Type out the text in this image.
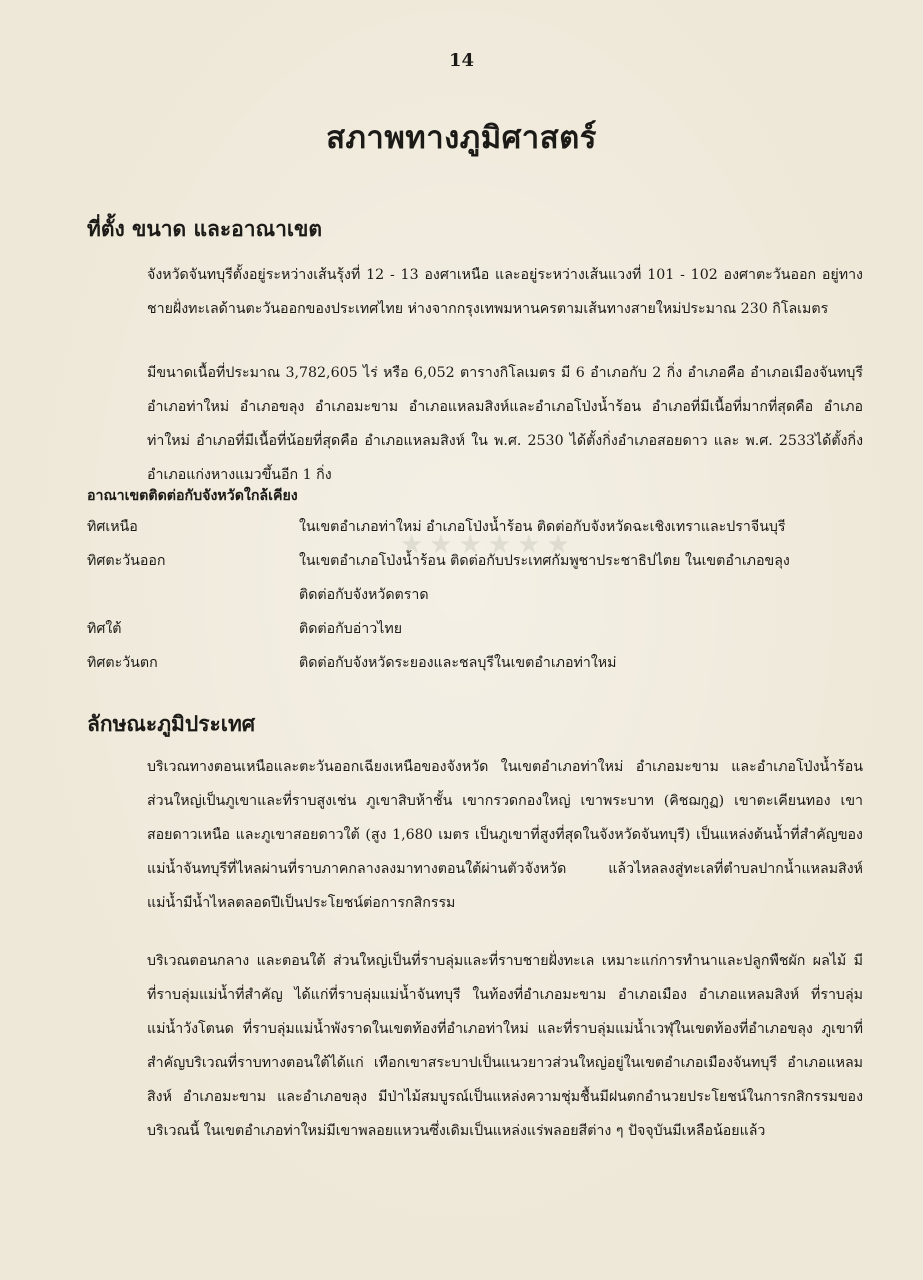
14
สภาพทางภูมิศาสตร์
ที่ตั้ง ขนาด และอาณาเขต
จังหวัดจันทบุรีตั้งอยู่ระหว่างเส้นรุ้งที่ 12 - 13 องศาเหนือ และอยู่ระหว่างเส้นแวงที่ 101 - 102 องศาตะวันออก อยู่ทางชายฝั่งทะเลด้านตะวันออกของประเทศไทย ห่างจากกรุงเทพมหานครตามเส้นทางสายใหม่ประมาณ 230 กิโลเมตร
มีขนาดเนื้อที่ประมาณ 3,782,605 ไร่ หรือ 6,052 ตารางกิโลเมตร มี 6 อำเภอกับ 2 กิ่ง อำเภอคือ อำเภอเมืองจันทบุรี อำเภอท่าใหม่ อำเภอขลุง อำเภอมะขาม อำเภอแหลมสิงห์และอำเภอโป่งน้ำร้อน อำเภอที่มีเนื้อที่มากที่สุดคือ อำเภอท่าใหม่ อำเภอที่มีเนื้อที่น้อยที่สุดคือ อำเภอแหลมสิงห์ ใน พ.ศ. 2530 ได้ตั้งกิ่งอำเภอสอยดาว และ พ.ศ. 2533ได้ตั้งกิ่งอำเภอแก่งหางแมวขึ้นอีก 1 กิ่ง
อาณาเขตติดต่อกับจังหวัดใกล้เคียง
★★★★★★
ทิศเหนือ	ในเขตอำเภอท่าใหม่ อำเภอโป่งน้ำร้อน ติดต่อกับจังหวัดฉะเชิงเทราและปราจีนบุรี
ทิศตะวันออก	ในเขตอำเภอโป่งน้ำร้อน ติดต่อกับประเทศกัมพูชาประชาธิปไตย ในเขตอำเภอขลุง
ติดต่อกับจังหวัดตราด
ทิศใต้	ติดต่อกับอ่าวไทย
ทิศตะวันตก	ติดต่อกับจังหวัดระยองและชลบุรีในเขตอำเภอท่าใหม่
ลักษณะภูมิประเทศ
บริเวณทางตอนเหนือและตะวันออกเฉียงเหนือของจังหวัด ในเขตอำเภอท่าใหม่ อำเภอมะขาม และอำเภอโป่งน้ำร้อน ส่วนใหญ่เป็นภูเขาและที่ราบสูงเช่น ภูเขาสิบห้าชั้น เขากรวดกองใหญ่ เขาพระบาท (คิชฌกูฏ) เขาตะเคียนทอง เขาสอยดาวเหนือ และภูเขาสอยดาวใต้ (สูง 1,680 เมตร เป็นภูเขาที่สูงที่สุดในจังหวัดจันทบุรี) เป็นแหล่งต้นน้ำที่สำคัญของแม่น้ำจันทบุรีที่ไหลผ่านที่ราบภาคกลางลงมาทางตอนใต้ผ่านตัวจังหวัด แล้วไหลลงสู่ทะเลที่ตำบลปากน้ำแหลมสิงห์ แม่น้ำมีน้ำไหลตลอดปีเป็นประโยชน์ต่อการกสิกรรม
บริเวณตอนกลาง และตอนใต้ ส่วนใหญ่เป็นที่ราบลุ่มและที่ราบชายฝั่งทะเล เหมาะแก่การทำนาและปลูกพืชผัก ผลไม้ มีที่ราบลุ่มแม่น้ำที่สำคัญ ได้แก่ที่ราบลุ่มแม่น้ำจันทบุรี ในท้องที่อำเภอมะขาม อำเภอเมือง อำเภอแหลมสิงห์ ที่ราบลุ่มแม่น้ำวังโตนด ที่ราบลุ่มแม่น้ำพังราดในเขตท้องที่อำเภอท่าใหม่ และที่ราบลุ่มแม่น้ำเวฬุในเขตท้องที่อำเภอขลุง ภูเขาที่สำคัญบริเวณที่ราบทางตอนใต้ได้แก่ เทือกเขาสระบาปเป็นแนวยาวส่วนใหญ่อยู่ในเขตอำเภอเมืองจันทบุรี อำเภอแหลมสิงห์ อำเภอมะขาม และอำเภอขลุง มีป่าไม้สมบูรณ์เป็นแหล่งความชุ่มชื้นมีฝนตกอำนวยประโยชน์ในการกสิกรรมของบริเวณนี้ ในเขตอำเภอท่าใหม่มีเขาพลอยแหวนซึ่งเดิมเป็นแหล่งแร่พลอยสีต่าง ๆ ปัจจุบันมีเหลือน้อยแล้ว
